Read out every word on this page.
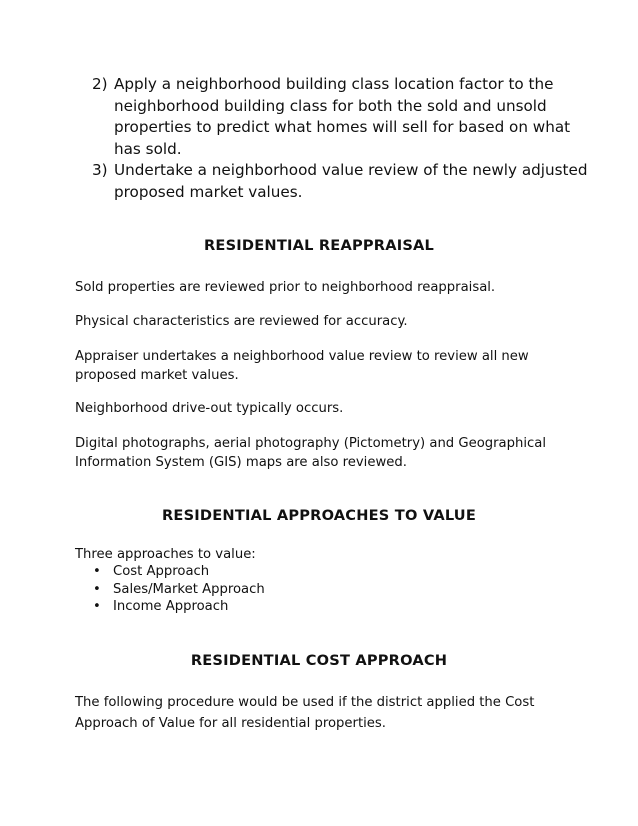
2) Apply a neighborhood building class location factor to the neighborhood building class for both the sold and unsold properties to predict what homes will sell for based on what has sold.
3) Undertake a neighborhood value review of the newly adjusted proposed market values.
RESIDENTIAL REAPPRAISAL
Sold properties are reviewed prior to neighborhood reappraisal.
Physical characteristics are reviewed for accuracy.
Appraiser undertakes a neighborhood value review to review all new proposed market values.
Neighborhood drive-out typically occurs.
Digital photographs, aerial photography (Pictometry) and Geographical Information System (GIS) maps are also reviewed.
RESIDENTIAL APPROACHES TO VALUE
Three approaches to value:
• Cost Approach
• Sales/Market Approach
• Income Approach
RESIDENTIAL COST APPROACH
The following procedure would be used if the district applied the Cost Approach of Value for all residential properties.
